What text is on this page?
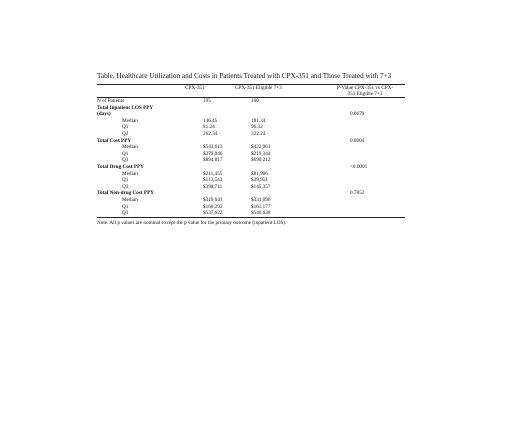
Table. Healthcare Utilization and Costs in Patients Treated with CPX-351 and Those Treated with 7+3
	CPX-351	CPX-351 Eligible 7+3	P-Value CPX-351 vs CPX-
351 Eligible 7+3
N of Patients	195	160	
Total Inpatient LOS PPY			
(days)			0.0679
Median	146.45	181.34	
Q1	81.24	96.32	
Q3	262.34	322.24	
Total Cost PPY			0.0004
Median	$543,613	$422,961	
Q1	$279,046	$219,344	
Q3	$894,817	$690,212	
Total Drug Cost PPY			<0.0001
Median	$211,455	$81,906	
Q1	$113,543	$39,951	
Q3	$398,711	$145,357	
Total Non-drug Cost PPY			0.7852
Median	$319,643	$331,096	
Q1	$160,292	$161,177	
Q3	$537,622	$540,638	
Note. All p values are nominal except the p value for the primary outcome (inpatient LOS).
